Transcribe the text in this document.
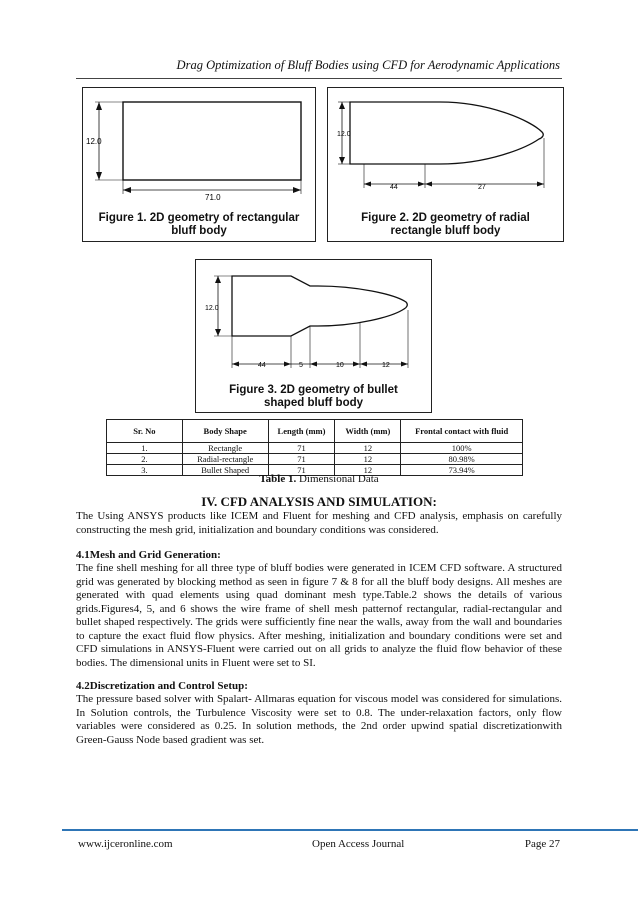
Drag Optimization of Bluff Bodies using CFD for Aerodynamic Applications
12.0
71.0
Figure 1. 2D geometry of rectangular bluff body
12.0
44	27
Figure 2. 2D geometry of radial rectangle bluff body
12.0
44	5	10	12
Figure 3. 2D geometry of bullet shaped bluff body
Sr. No	Body Shape	Length (mm)	Width (mm)	Frontal contact with fluid
1.	Rectangle	71	12	100%
2.	Radial-rectangle	71	12	80.98%
3.	Bullet Shaped	71	12	73.94%
Table 1. Dimensional Data
IV. CFD ANALYSIS AND SIMULATION:

The Using ANSYS products like ICEM and Fluent for meshing and CFD analysis, emphasis on carefully constructing the mesh grid, initialization and boundary conditions was considered.

4.1Mesh and Grid Generation:

The fine shell meshing for all three type of bluff bodies were generated in ICEM CFD software. A structured grid was generated by blocking method as seen in figure 7 & 8 for all the bluff body designs. All meshes are generated with quad elements using quad dominant mesh type.Table.2 shows the details of various grids.Figures4, 5, and 6 shows the wire frame of shell mesh patternof rectangular, radial-rectangular and bullet shaped respectively. The grids were sufficiently fine near the walls, away from the wall and boundaries to capture the exact fluid flow physics. After meshing, initialization and boundary conditions were set and CFD simulations in ANSYS-Fluent were carried out on all grids to analyze the fluid flow behavior of these bodies. The dimensional units in Fluent were set to SI.

4.2Discretization and Control Setup:

The pressure based solver with Spalart- Allmaras equation for viscous model was considered for simulations. In Solution controls, the Turbulence Viscosity were set to 0.8. The under-relaxation factors, only flow variables were considered as 0.25. In solution methods, the 2nd order upwind spatial discretizationwith Green-Gauss Node based gradient was set.

www.ijceronline.com	Open Access Journal	Page 27
